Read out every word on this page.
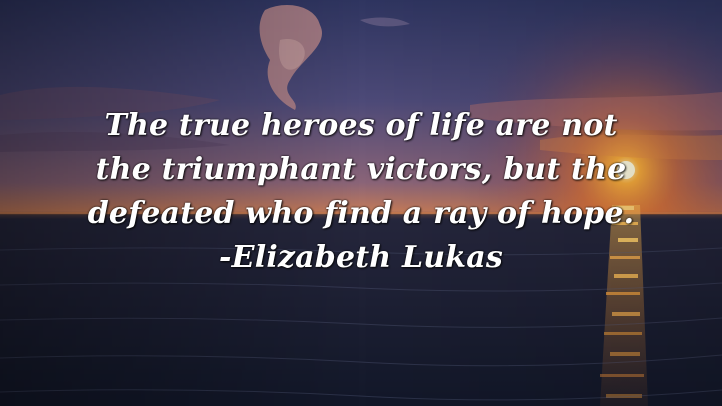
The true heroes of life are not
the triumphant victors, but the
defeated who find a ray of hope.
-Elizabeth Lukas
